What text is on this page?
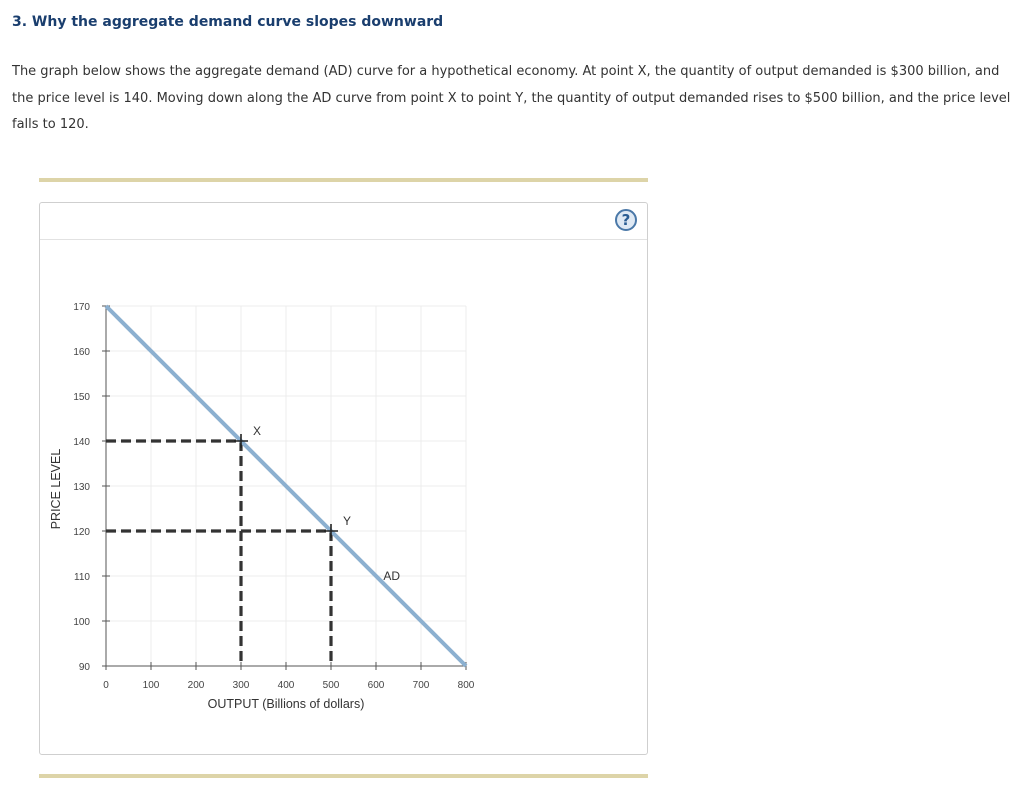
3. Why the aggregate demand curve slopes downward

The graph below shows the aggregate demand (AD) curve for a hypothetical economy. At point X, the quantity of output demanded is $300 billion, and the price level is 140. Moving down along the AD curve from point X to point Y, the quantity of output demanded rises to $500 billion, and the price level falls to 120.

?
0	100	200	300	400	500	600	700	800
90
100
110
120
130
140
150
160
170
OUTPUT (Billions of dollars)
PRICE LEVEL
X
Y
AD
